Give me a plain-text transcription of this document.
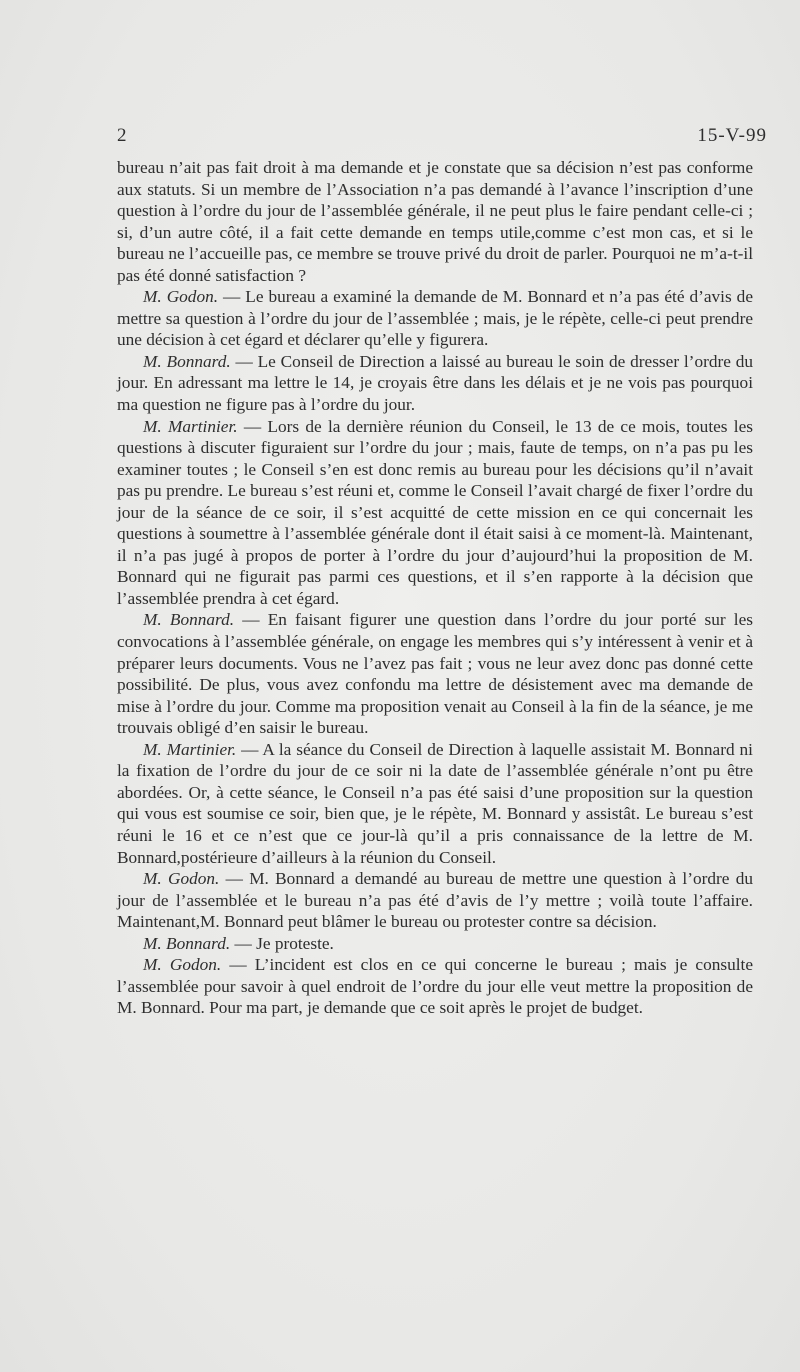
2	15-V-99

bureau n’ait pas fait droit à ma demande et je constate que sa décision n’est pas conforme aux statuts. Si un membre de l’Association n’a pas demandé à l’avance l’inscription d’une question à l’ordre du jour de l’assemblée générale, il ne peut plus le faire pendant celle-ci ; si, d’un autre côté, il a fait cette demande en temps utile,comme c’est mon cas, et si le bureau ne l’accueille pas, ce membre se trouve privé du droit de parler. Pourquoi ne m’a-t-il pas été donné satisfaction ?

M. Godon. — Le bureau a examiné la demande de M. Bonnard et n’a pas été d’avis de mettre sa question à l’ordre du jour de l’assemblée ; mais, je le répète, celle-ci peut prendre une décision à cet égard et déclarer qu’elle y figurera.

M. Bonnard. — Le Conseil de Direction a laissé au bureau le soin de dresser l’ordre du jour. En adressant ma lettre le 14, je croyais être dans les délais et je ne vois pas pourquoi ma question ne figure pas à l’ordre du jour.

M. Martinier. — Lors de la dernière réunion du Conseil, le 13 de ce mois, toutes les questions à discuter figuraient sur l’ordre du jour ; mais, faute de temps, on n’a pas pu les examiner toutes ; le Conseil s’en est donc remis au bureau pour les décisions qu’il n’avait pas pu prendre. Le bureau s’est réuni et, comme le Conseil l’avait chargé de fixer l’ordre du jour de la séance de ce soir, il s’est acquitté de cette mission en ce qui concernait les questions à soumettre à l’assemblée générale dont il était saisi à ce moment-là. Maintenant, il n’a pas jugé à propos de porter à l’ordre du jour d’aujourd’hui la proposition de M. Bonnard qui ne figurait pas parmi ces questions, et il s’en rapporte à la décision que l’assemblée prendra à cet égard.

M. Bonnard. — En faisant figurer une question dans l’ordre du jour porté sur les convocations à l’assemblée générale, on engage les membres qui s’y intéressent à venir et à préparer leurs documents. Vous ne l’avez pas fait ; vous ne leur avez donc pas donné cette possibilité. De plus, vous avez confondu ma lettre de désistement avec ma demande de mise à l’ordre du jour. Comme ma proposition venait au Conseil à la fin de la séance, je me trouvais obligé d’en saisir le bureau.

M. Martinier. — A la séance du Conseil de Direction à laquelle assistait M. Bonnard ni la fixation de l’ordre du jour de ce soir ni la date de l’assemblée générale n’ont pu être abordées. Or, à cette séance, le Conseil n’a pas été saisi d’une proposition sur la question qui vous est soumise ce soir, bien que, je le répète, M. Bonnard y assistât. Le bureau s’est réuni le 16 et ce n’est que ce jour-là qu’il a pris connaissance de la lettre de M. Bonnard,postérieure d’ailleurs à la réunion du Conseil.

M. Godon. — M. Bonnard a demandé au bureau de mettre une question à l’ordre du jour de l’assemblée et le bureau n’a pas été d’avis de l’y mettre ; voilà toute l’affaire. Maintenant,M. Bonnard peut blâmer le bureau ou protester contre sa décision.

M. Bonnard. — Je proteste.

M. Godon. — L’incident est clos en ce qui concerne le bureau ; mais je consulte l’assemblée pour savoir à quel endroit de l’ordre du jour elle veut mettre la proposition de M. Bonnard. Pour ma part, je demande que ce soit après le projet de budget.
